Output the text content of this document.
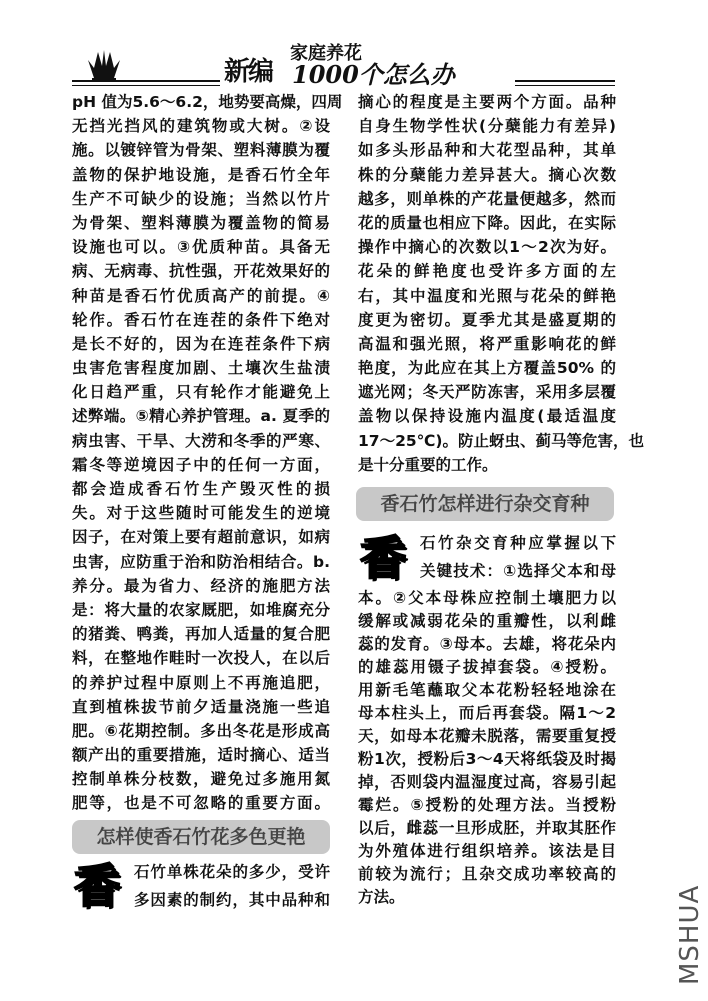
新编
家庭养花
1000个怎么办
pH 值为5.6～6.2，地势要高燥，四周
无挡光挡风的建筑物或大树。②设
施。以镀锌管为骨架、塑料薄膜为覆
盖物的保护地设施，是香石竹全年
生产不可缺少的设施；当然以竹片
为骨架、塑料薄膜为覆盖物的简易
设施也可以。③优质种苗。具备无
病、无病毒、抗性强，开花效果好的
种苗是香石竹优质高产的前提。④
轮作。香石竹在连茬的条件下绝对
是长不好的，因为在连茬条件下病
虫害危害程度加剧、土壤次生盐渍
化日趋严重，只有轮作才能避免上
述弊端。⑤精心养护管理。a. 夏季的
病虫害、干旱、大涝和冬季的严寒、
霜冬等逆境因子中的任何一方面，
都会造成香石竹生产毁灭性的损
失。对于这些随时可能发生的逆境
因子，在对策上要有超前意识，如病
虫害，应防重于治和防治相结合。b.
养分。最为省力、经济的施肥方法
是：将大量的农家厩肥，如堆腐充分
的猪粪、鸭粪，再加人适量的复合肥
料，在整地作畦时一次投人，在以后
的养护过程中原则上不再施追肥，
直到植株拔节前夕适量浇施一些追
肥。⑥花期控制。多出冬花是形成高
额产出的重要措施，适时摘心、适当
控制单株分枝数，避免过多施用氮
肥等，也是不可忽略的重要方面。
怎样使香石竹花多色更艳
香 石竹单株花朵的多少，受许
多因素的制约，其中品种和
摘心的程度是主要两个方面。品种
自身生物学性状(分蘖能力有差异)
如多头形品种和大花型品种，其单
株的分蘖能力差异甚大。摘心次数
越多，则单株的产花量便越多，然而
花的质量也相应下降。因此，在实际
操作中摘心的次数以1～2次为好。
花朵的鲜艳度也受许多方面的左
右，其中温度和光照与花朵的鲜艳
度更为密切。夏季尤其是盛夏期的
高温和强光照，将严重影响花的鲜
艳度，为此应在其上方覆盖50% 的
遮光网；冬天严防冻害，采用多层覆
盖物以保持设施内温度(最适温度
17～25℃)。防止蚜虫、蓟马等危害，也
是十分重要的工作。
香石竹怎样进行杂交育种
香 石竹杂交育种应掌握以下
关键技术：①选择父本和母
本。②父本母株应控制土壤肥力以
缓解或减弱花朵的重瓣性，以利雌
蕊的发育。③母本。去雄，将花朵内
的雄蕊用镊子拔掉套袋。④授粉。
用新毛笔蘸取父本花粉轻轻地涂在
母本柱头上，而后再套袋。隔1～2
天，如母本花瓣未脱落，需要重复授
粉1次，授粉后3～4天将纸袋及时揭
掉，否则袋内温湿度过高，容易引起
霉烂。⑤授粉的处理方法。当授粉
以后，雌蕊一旦形成胚，并取其胚作
为外殖体进行组织培养。该法是目
前较为流行；且杂交成功率较高的
方法。	MSHUA
